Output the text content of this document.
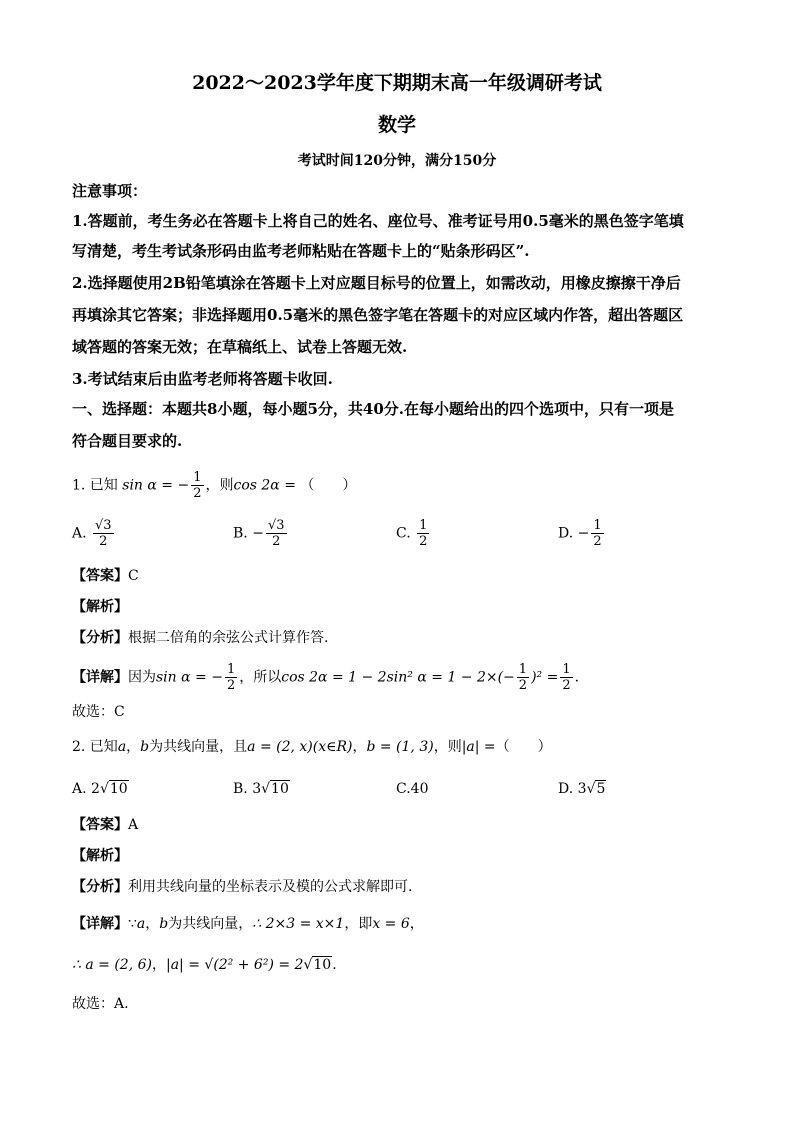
2022～2023学年度下期期末高一年级调研考试
数学
考试时间120分钟，满分150分
注意事项：
1.答题前，考生务必在答题卡上将自己的姓名、座位号、准考证号用0.5毫米的黑色签字笔填
写清楚，考生考试条形码由监考老师粘贴在答题卡上的“贴条形码区”.
2.选择题使用2B铅笔填涂在答题卡上对应题目标号的位置上，如需改动，用橡皮擦擦干净后
再填涂其它答案；非选择题用0.5毫米的黑色签字笔在答题卡的对应区域内作答，超出答题区
域答题的答案无效；在草稿纸上、试卷上答题无效.
3.考试结束后由监考老师将答题卡收回.
一、选择题：本题共8小题，每小题5分，共40分.在每小题给出的四个选项中，只有一项是
符合题目要求的.
1. 已知 sin α = − $\frac{1}{2}$ ，则cos 2α = （　　）
A. $\frac{√3}{2}$	B. − $\frac{√3}{2}$	C. $\frac{1}{2}$	D. − $\frac{1}{2}$
【答案】C
【解析】
【分析】根据二倍角的余弦公式计算作答.
【详解】因为sin α = − $\frac{1}{2}$ ，所以cos 2α = 1 − 2sin² $\alpha = 1 - 2\times(- \frac{1}{2} )^2 = \frac{1}{2}$ .
故选：C
2. 已知a，b为共线向量，且a = (2, x)(x∈R)，b = (1, 3)，则|a| =（　　）
A. 2√10	B. 3√10	C.40	D. 3√5
【答案】A
【解析】
【分析】利用共线向量的坐标表示及模的公式求解即可.
【详解】∵a，b为共线向量，∴ 2×3 = x×1，即x = 6，
∴ a = (2, 6)，|a| = √(2² + 6²) = 2√10.
故选：A.
